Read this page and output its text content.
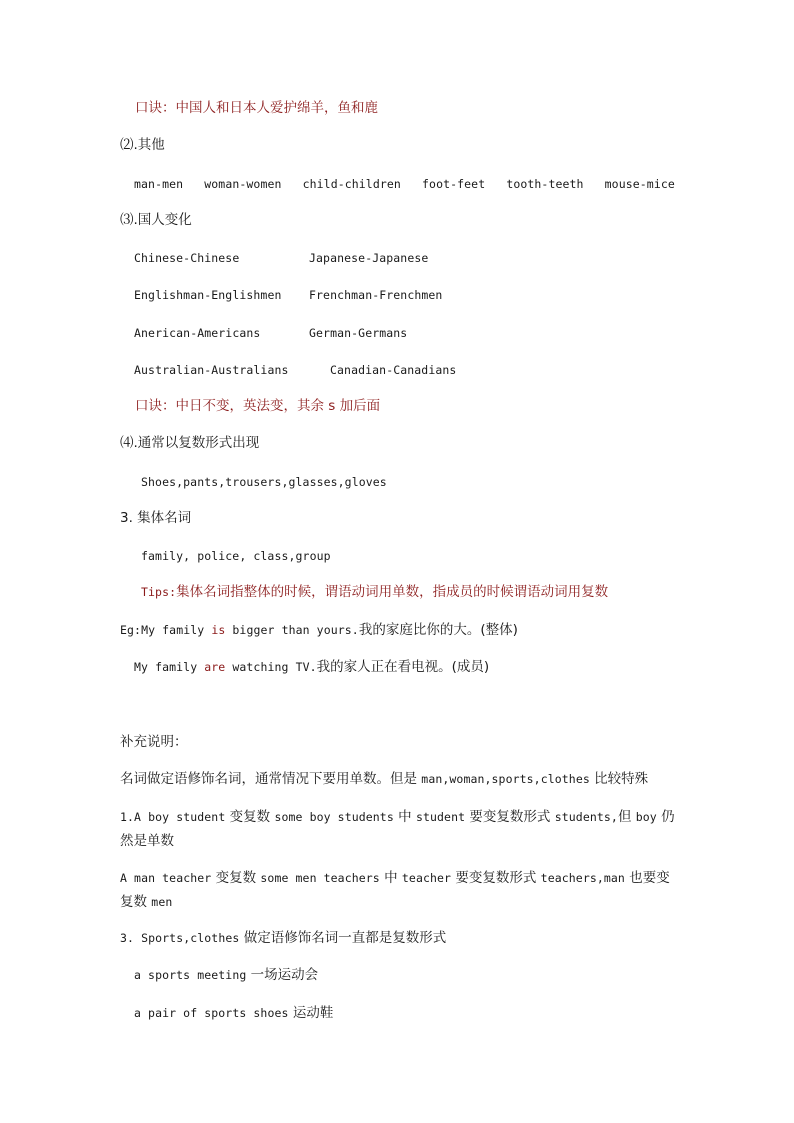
口诀：中国人和日本人爱护绵羊，鱼和鹿
⑵.其他
man-men woman-women child-children foot-feet tooth-teeth mouse-mice
⑶.国人变化
Chinese-Chinese	Japanese-Japanese
Englishman-Englishmen Frenchman-Frenchmen
Anerican-Americans	German-Germans
Australian-Australians	Canadian-Canadians
口诀：中日不变，英法变，其余 s 加后面
⑷.通常以复数形式出现
Shoes,pants,trousers,glasses,gloves
3. 集体名词
family, police, class,group
Tips:集体名词指整体的时候，谓语动词用单数，指成员的时候谓语动词用复数
Eg:My family is bigger than yours.我的家庭比你的大。(整体)
My family are watching TV.我的家人正在看电视。(成员)
补充说明：
名词做定语修饰名词，通常情况下要用单数。但是 man,woman,sports,clothes 比较特殊
1.A boy student 变复数 some boy students 中 student 要变复数形式 students,但 boy 仍然是单数
A man teacher 变复数 some men teachers 中 teacher 要变复数形式 teachers,man 也要变复数 men
3. Sports,clothes 做定语修饰名词一直都是复数形式
a sports meeting 一场运动会
a pair of sports shoes 运动鞋
